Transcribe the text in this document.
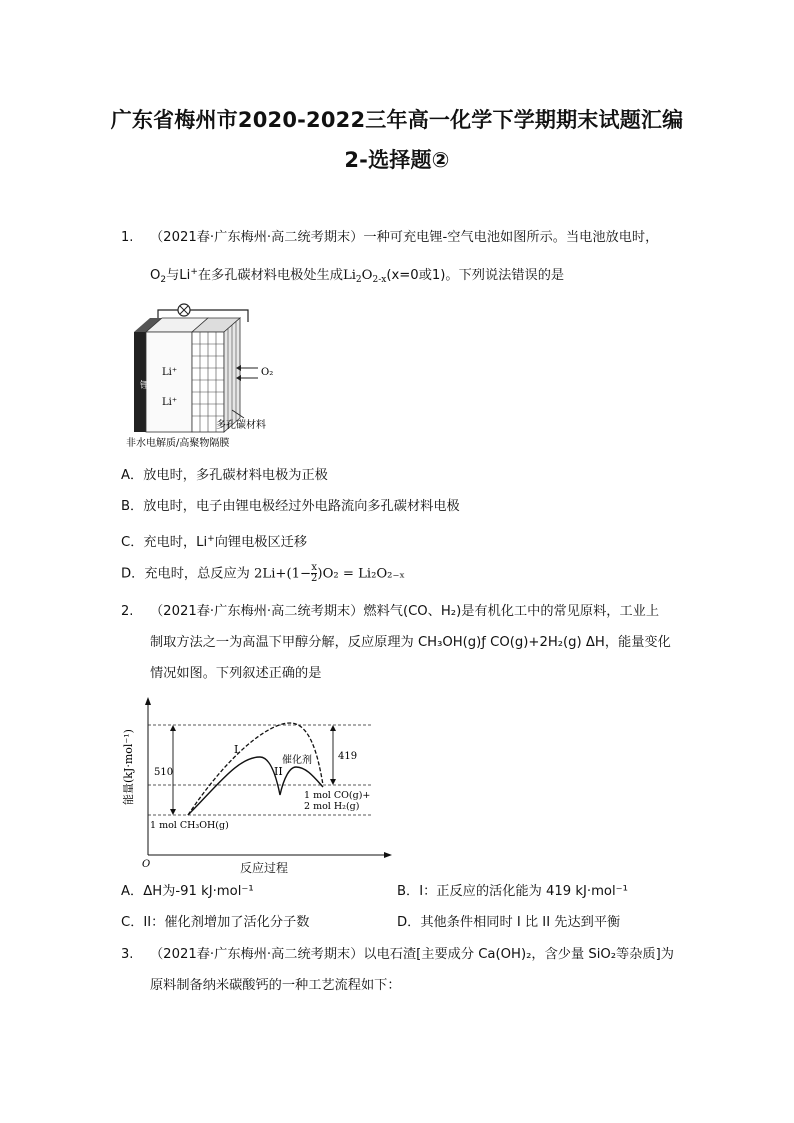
广东省梅州市2020-2022三年高一化学下学期期末试题汇编
2-选择题②
1. （2021春·广东梅州·高二统考期末）一种可充电锂-空气电池如图所示。当电池放电时，
$O_2$与Li+在多孔碳材料电极处生成$Li_2O_{2-x}(x=0$或1)。下列说法错误的是
锂
Li⁺
Li⁺
O₂
多孔碳材料
非水电解质/高聚物隔膜
A．放电时，多孔碳材料电极为正极
B．放电时，电子由锂电极经过外电路流向多孔碳材料电极
C．充电时，Li+向锂电极区迁移
D．充电时，总反应为 $2Li+(1- \frac{x}{2} )O_2 = Li_2O_{2-x}$
2. （2021春·广东梅州·高二统考期末）燃料气(CO、H₂)是有机化工中的常见原料，工业上
制取方法之一为高温下甲醇分解，反应原理为 CH₃OH(g)ƒ CO(g)+2H₂(g) ΔH，能量变化
情况如图。下列叙述正确的是
能量(kJ·mol⁻¹)
O
I
II
催化剂
510
419
1 mol CH₃OH(g)
1 mol CO(g)+
2 mol H₂(g)
反应过程
A．ΔH为-91 kJ·mol⁻¹	B．I：正反应的活化能为 419 kJ·mol⁻¹
C．II：催化剂增加了活化分子数	D．其他条件相同时 I 比 II 先达到平衡
3. （2021春·广东梅州·高二统考期末）以电石渣[主要成分 Ca(OH)₂，含少量 SiO₂等杂质]为
原料制备纳米碳酸钙的一种工艺流程如下：
